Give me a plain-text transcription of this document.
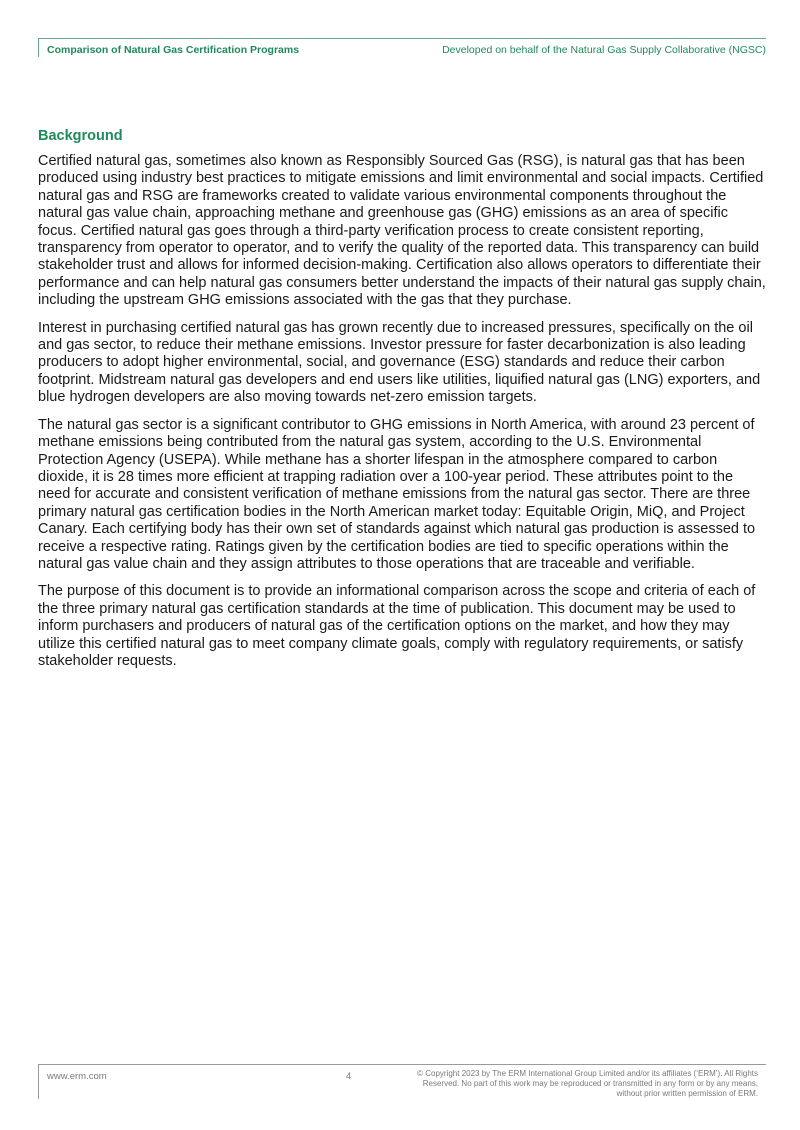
Comparison of Natural Gas Certification Programs	Developed on behalf of the Natural Gas Supply Collaborative (NGSC)
Background

Certified natural gas, sometimes also known as Responsibly Sourced Gas (RSG), is natural gas that has been produced using industry best practices to mitigate emissions and limit environmental and social impacts. Certified natural gas and RSG are frameworks created to validate various environmental components throughout the natural gas value chain, approaching methane and greenhouse gas (GHG) emissions as an area of specific focus. Certified natural gas goes through a third-party verification process to create consistent reporting, transparency from operator to operator, and to verify the quality of the reported data. This transparency can build stakeholder trust and allows for informed decision-making. Certification also allows operators to differentiate their performance and can help natural gas consumers better understand the impacts of their natural gas supply chain, including the upstream GHG emissions associated with the gas that they purchase.

Interest in purchasing certified natural gas has grown recently due to increased pressures, specifically on the oil and gas sector, to reduce their methane emissions. Investor pressure for faster decarbonization is also leading producers to adopt higher environmental, social, and governance (ESG) standards and reduce their carbon footprint. Midstream natural gas developers and end users like utilities, liquified natural gas (LNG) exporters, and blue hydrogen developers are also moving towards net-zero emission targets.

The natural gas sector is a significant contributor to GHG emissions in North America, with around 23 percent of methane emissions being contributed from the natural gas system, according to the U.S. Environmental Protection Agency (USEPA). While methane has a shorter lifespan in the atmosphere compared to carbon dioxide, it is 28 times more efficient at trapping radiation over a 100-year period. These attributes point to the need for accurate and consistent verification of methane emissions from the natural gas sector. There are three primary natural gas certification bodies in the North American market today: Equitable Origin, MiQ, and Project Canary. Each certifying body has their own set of standards against which natural gas production is assessed to receive a respective rating. Ratings given by the certification bodies are tied to specific operations within the natural gas value chain and they assign attributes to those operations that are traceable and verifiable.

The purpose of this document is to provide an informational comparison across the scope and criteria of each of the three primary natural gas certification standards at the time of publication. This document may be used to inform purchasers and producers of natural gas of the certification options on the market, and how they may utilize this certified natural gas to meet company climate goals, comply with regulatory requirements, or satisfy stakeholder requests.

www.erm.com	4	© Copyright 2023 by The ERM International Group Limited and/or its affiliates (‘ERM’). All Rights
Reserved. No part of this work may be reproduced or transmitted in any form or by any means,
without prior written permission of ERM.
